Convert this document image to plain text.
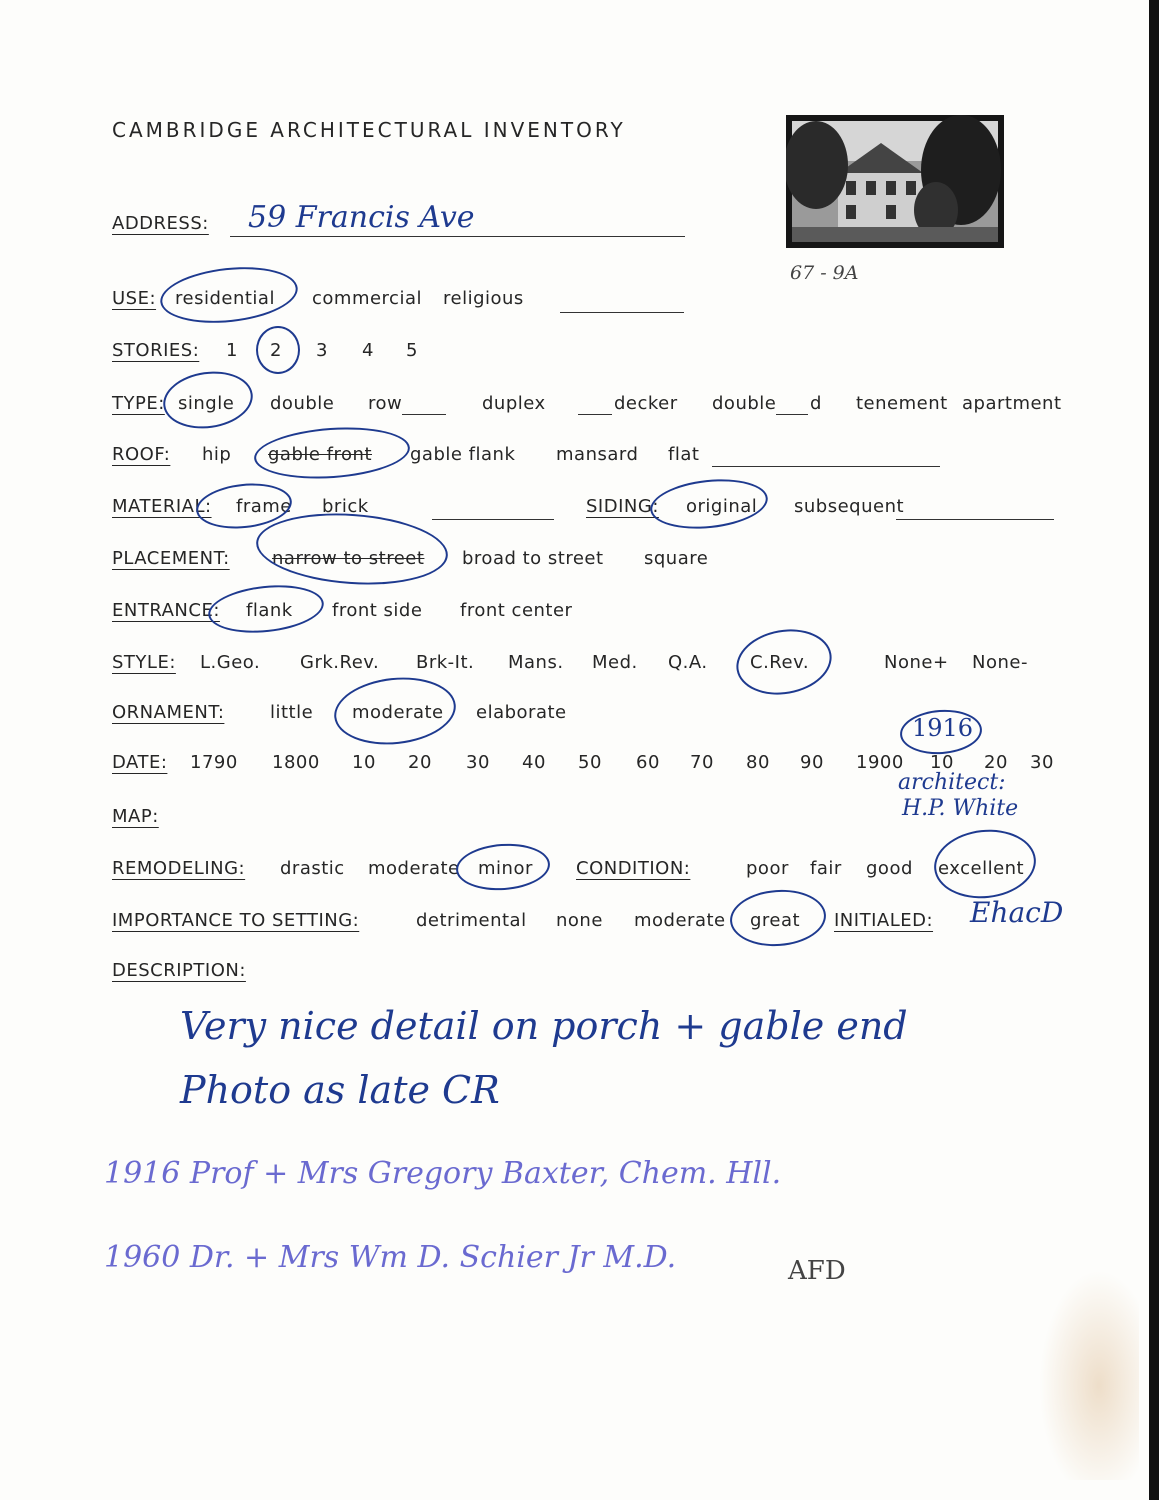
CAMBRIDGE ARCHITECTURAL INVENTORY
67 - 9A
ADDRESS: 59 Francis Ave
USE: residential commercial religious
STORIES: 1 2 3 4 5
TYPE: single double row	duplex	decker double d tenement apartment
ROOF: hip gable front gable flank mansard flat
MATERIAL: frame brick	SIDING: original subsequent
PLACEMENT: narrow to street broad to street square
ENTRANCE: flank front side front center
STYLE: L.Geo. Grk.Rev. Brk-It. Mans. Med. Q.A. C.Rev.	None+ None-
ORNAMENT:	little moderate elaborate
DATE: 1790 1800 10 20 30 40 50 60 70 80 90 1900 10 20 30
1916
architect:
H.P. White
MAP:
REMODELING: drastic moderate minor CONDITION:	poor fair good excellent
IMPORTANCE TO SETTING:	detrimental none moderate great INITIALED: EhacD
DESCRIPTION:
Very nice detail on porch + gable end
Photo as late CR
1916 Prof + Mrs Gregory Baxter, Chem. Hll.
1960 Dr. + Mrs Wm D. Schier Jr M.D.	AFD
